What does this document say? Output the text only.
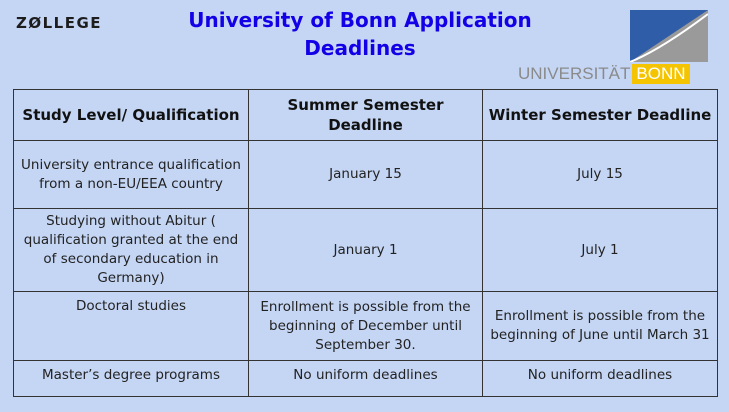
ZØLLEGE	University of Bonn Application Deadlines
UNIVERSITÄT BONN
Study Level/ Qualification	Summer Semester Deadline	Winter Semester Deadline
University entrance qualification from a non-EU/EEA country	January 15	July 15
Studying without Abitur ( qualification granted at the end of secondary education in Germany)	January 1	July 1
Doctoral studies	Enrollment is possible from the beginning of December until September 30.	Enrollment is possible from the beginning of June until March 31
Master’s degree programs	No uniform deadlines	No uniform deadlines
